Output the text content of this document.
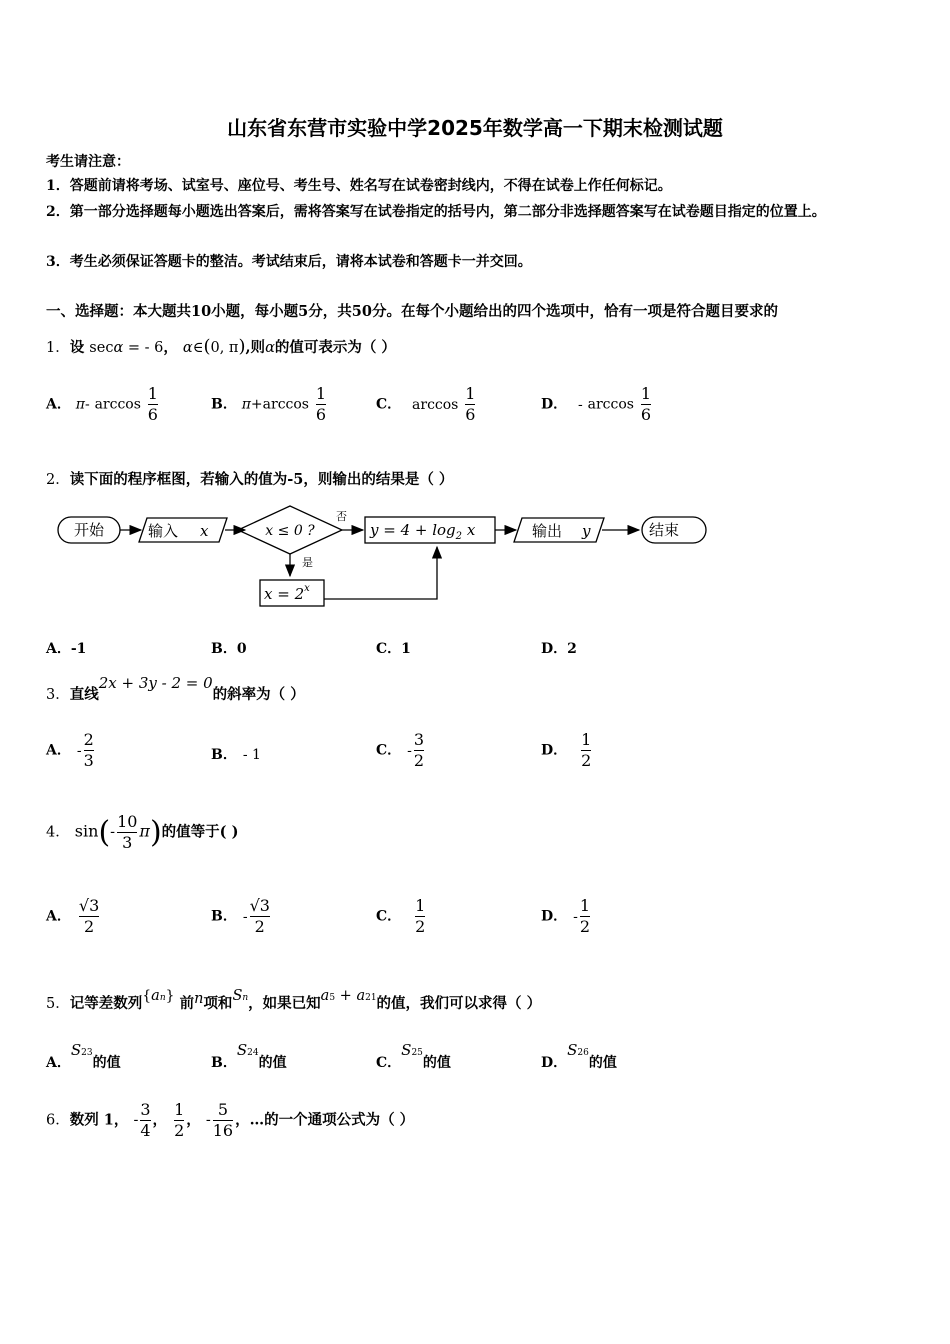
山东省东营市实验中学2025年数学高一下期末检测试题
考生请注意：
1．答题前请将考场、试室号、座位号、考生号、姓名写在试卷密封线内，不得在试卷上作任何标记。
2．第一部分选择题每小题选出答案后，需将答案写在试卷指定的括号内，第二部分非选择题答案写在试卷题目指定的位置上。
3．考生必须保证答题卡的整洁。考试结束后，请将本试卷和答题卡一并交回。
一、选择题：本大题共10小题，每小题5分，共50分。在每个小题给出的四个选项中，恰有一项是符合题目要求的
1．设 secα = - 6， α∈(0, π),则α的值可表示为（ ）
A． π- $\arccos \frac{1}{6}$	B． $\pi+\arccos \frac{1}{6}$	C． $\arccos \frac{1}{6}$	D． - $\arccos \frac{1}{6}$
2．读下面的程序框图，若输入的值为-5，则输出的结果是（ ）
开始	输入 x	x ≤ 0 ?
否
$y = 4 + \log_2 x$	输出 y	结束
是
$x = 2^x$
A．-1	B．0	C．1	D．2
3．直线2x + 3y - 2 = 0的斜率为（ ）
A． - $\frac{2}{3}$	B． - 1	C． - $\frac{3}{2}$	D． $\frac{1}{2}$
4． $\sin(- \frac{10}{3} \pi)$的值等于( )
A． $\frac{√3}{2}$	B． - $\frac{√3}{2}$	C． $\frac{1}{2}$	D． - $\frac{1}{2}$
5．记等差数列{an} 前n项和Sn，如果已知a5 + a21的值，我们可以求得（ ）
A．S23的值	B．S24的值	C．S25的值	D．S26的值
6．数列 1， - $\frac{3}{4}$ ， $\frac{1}{2}$ ， - $\frac{5}{16}$ ，…的一个通项公式为（ ）
